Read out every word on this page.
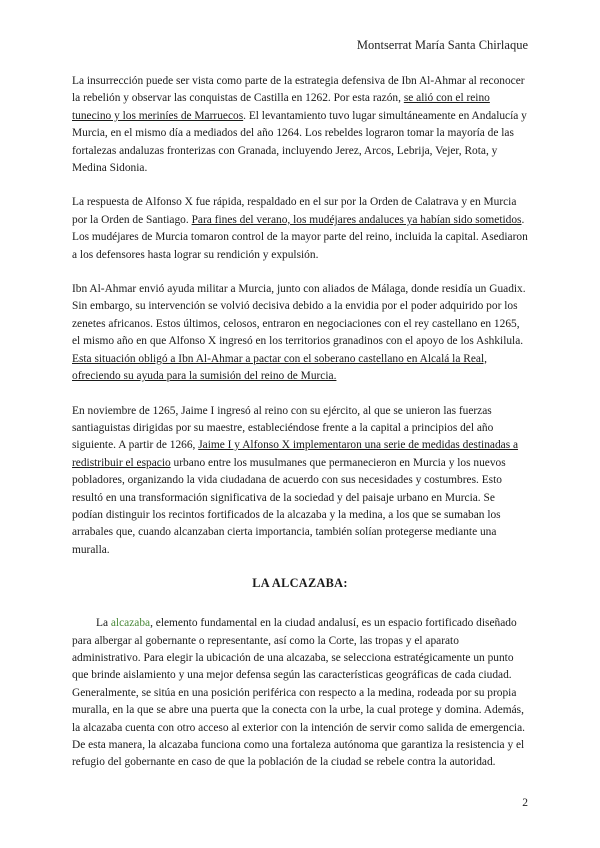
Montserrat María Santa Chirlaque

La insurrección puede ser vista como parte de la estrategia defensiva de Ibn Al-Ahmar al reconocer la rebelión y observar las conquistas de Castilla en 1262. Por esta razón, se alió con el reino tunecino y los meriníes de Marruecos. El levantamiento tuvo lugar simultáneamente en Andalucía y Murcia, en el mismo día a mediados del año 1264. Los rebeldes lograron tomar la mayoría de las fortalezas andaluzas fronterizas con Granada, incluyendo Jerez, Arcos, Lebrija, Vejer, Rota, y Medina Sidonia.

La respuesta de Alfonso X fue rápida, respaldado en el sur por la Orden de Calatrava y en Murcia por la Orden de Santiago. Para fines del verano, los mudéjares andaluces ya habían sido sometidos. Los mudéjares de Murcia tomaron control de la mayor parte del reino, incluida la capital. Asediaron a los defensores hasta lograr su rendición y expulsión.

Ibn Al-Ahmar envió ayuda militar a Murcia, junto con aliados de Málaga, donde residía un Guadix. Sin embargo, su intervención se volvió decisiva debido a la envidia por el poder adquirido por los zenetes africanos. Estos últimos, celosos, entraron en negociaciones con el rey castellano en 1265, el mismo año en que Alfonso X ingresó en los territorios granadinos con el apoyo de los Ashkilula. Esta situación obligó a Ibn Al-Ahmar a pactar con el soberano castellano en Alcalá la Real, ofreciendo su ayuda para la sumisión del reino de Murcia.

En noviembre de 1265, Jaime I ingresó al reino con su ejército, al que se unieron las fuerzas santiaguistas dirigidas por su maestre, estableciéndose frente a la capital a principios del año siguiente. A partir de 1266, Jaime I y Alfonso X implementaron una serie de medidas destinadas a redistribuir el espacio urbano entre los musulmanes que permanecieron en Murcia y los nuevos pobladores, organizando la vida ciudadana de acuerdo con sus necesidades y costumbres. Esto resultó en una transformación significativa de la sociedad y del paisaje urbano en Murcia. Se podían distinguir los recintos fortificados de la alcazaba y la medina, a los que se sumaban los arrabales que, cuando alcanzaban cierta importancia, también solían protegerse mediante una muralla.

LA ALCAZABA:

La alcazaba, elemento fundamental en la ciudad andalusí, es un espacio fortificado diseñado para albergar al gobernante o representante, así como la Corte, las tropas y el aparato administrativo. Para elegir la ubicación de una alcazaba, se selecciona estratégicamente un punto que brinde aislamiento y una mejor defensa según las características geográficas de cada ciudad. Generalmente, se sitúa en una posición periférica con respecto a la medina, rodeada por su propia muralla, en la que se abre una puerta que la conecta con la urbe, la cual protege y domina. Además, la alcazaba cuenta con otro acceso al exterior con la intención de servir como salida de emergencia. De esta manera, la alcazaba funciona como una fortaleza autónoma que garantiza la resistencia y el refugio del gobernante en caso de que la población de la ciudad se rebele contra la autoridad.

2
